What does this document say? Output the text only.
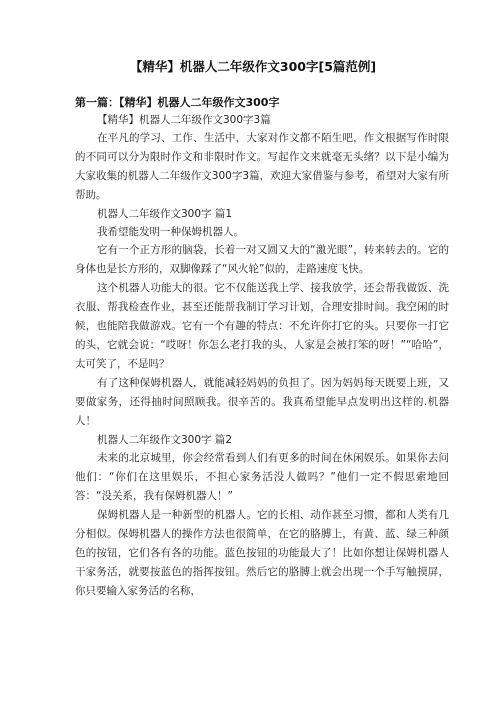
【精华】机器人二年级作文300字[5篇范例]
第一篇：【精华】机器人二年级作文300字

【精华】机器人二年级作文300字3篇

在平凡的学习、工作、生活中，大家对作文都不陌生吧，作文根据写作时限的不同可以分为限时作文和非限时作文。写起作文来就毫无头绪？以下是小编为大家收集的机器人二年级作文300字3篇，欢迎大家借鉴与参考，希望对大家有所帮助。

机器人二年级作文300字 篇1

我希望能发明一种保姆机器人。

它有一个正方形的脑袋，长着一对又圆又大的“激光眼”，转来转去的。它的身体也是长方形的，双脚像踩了“风火轮”似的，走路速度飞快。

这个机器人功能大的很。它不仅能送我上学、接我放学，还会帮我做饭、洗衣服、帮我检查作业，甚至还能帮我制订学习计划，合理安排时间。我空闲的时候，也能陪我做游戏。它有一个有趣的特点：不允许你打它的头。只要你一打它的头，它就会说：“哎呀！你怎么老打我的头，人家是会被打笨的呀！”“哈哈”，太可笑了，不是吗？

有了这种保姆机器人，就能减轻妈妈的负担了。因为妈妈每天既要上班，又要做家务，还得抽时间照顾我。很辛苦的。我真希望能早点发明出这样的.机器人！

机器人二年级作文300字 篇2

未来的北京城里，你会经常看到人们有更多的时间在休闲娱乐。如果你去问他们：“你们在这里娱乐，不担心家务活没人做吗？”他们一定不假思索地回答：“没关系，我有保姆机器人！”

保姆机器人是一种新型的机器人。它的长相、动作甚至习惯，都和人类有几分相似。保姆机器人的操作方法也很简单，在它的胳膊上，有黄、蓝、绿三种颜色的按钮，它们各有各的功能。蓝色按钮的功能最大了！比如你想让保姆机器人干家务活，就要按蓝色的指挥按钮。然后它的胳膊上就会出现一个手写触摸屏，你只要输入家务活的名称，
